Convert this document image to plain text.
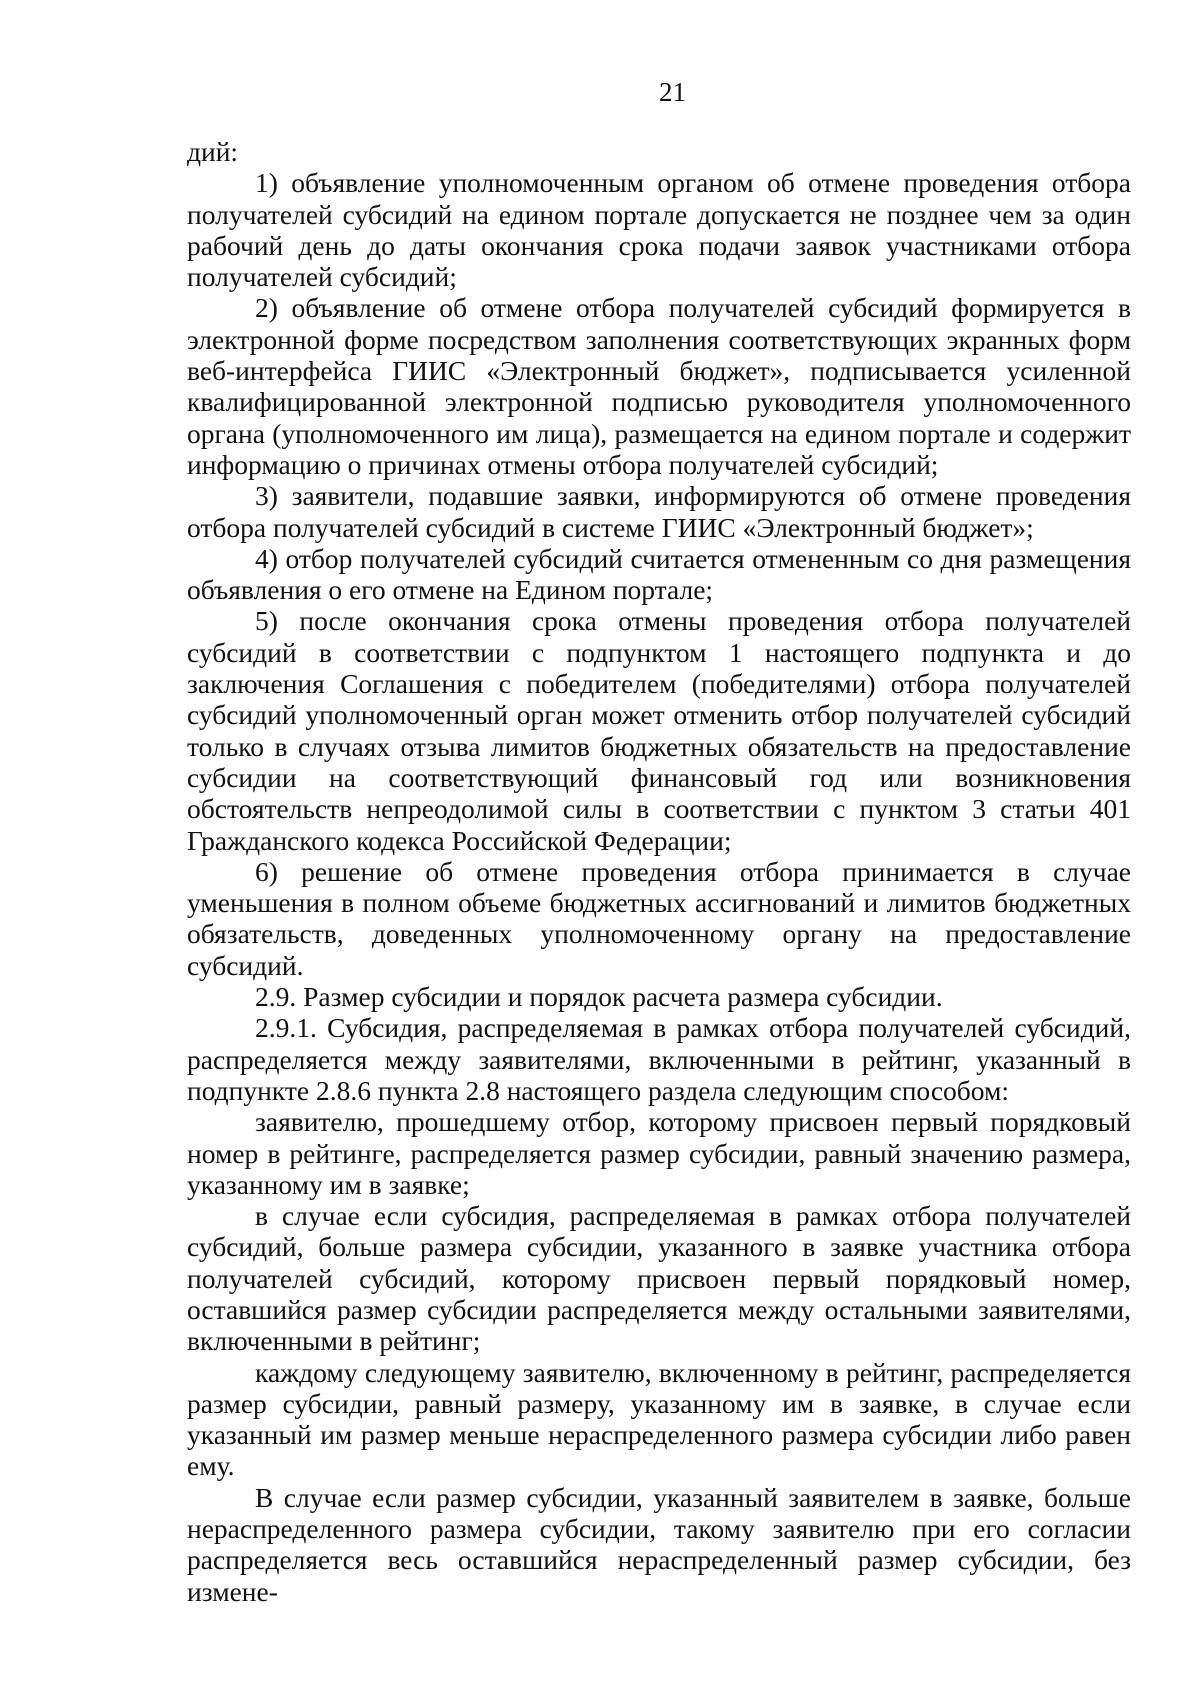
21

дий:

1) объявление уполномоченным органом об отмене проведения отбора получателей субсидий на едином портале допускается не позднее чем за один рабочий день до даты окончания срока подачи заявок участниками отбора получателей субсидий;

2) объявление об отмене отбора получателей субсидий формируется в электронной форме посредством заполнения соответствующих экранных форм веб-интерфейса ГИИС «Электронный бюджет», подписывается усиленной квалифицированной электронной подписью руководителя уполномоченного органа (уполномоченного им лица), размещается на едином портале и содержит информацию о причинах отмены отбора получателей субсидий;

3) заявители, подавшие заявки, информируются об отмене проведения отбора получателей субсидий в системе ГИИС «Электронный бюджет»;

4) отбор получателей субсидий считается отмененным со дня размещения объявления о его отмене на Едином портале;

5) после окончания срока отмены проведения отбора получателей субсидий в соответствии с подпунктом 1 настоящего подпункта и до заключения Соглашения с победителем (победителями) отбора получателей субсидий уполномоченный орган может отменить отбор получателей субсидий только в случаях отзыва лимитов бюджетных обязательств на предоставление субсидии на соответствующий финансовый год или возникновения обстоятельств непреодолимой силы в соответствии с пунктом 3 статьи 401 Гражданского кодекса Российской Федерации;

6) решение об отмене проведения отбора принимается в случае уменьшения в полном объеме бюджетных ассигнований и лимитов бюджетных обязательств, доведенных уполномоченному органу на предоставление субсидий.

2.9. Размер субсидии и порядок расчета размера субсидии.

2.9.1. Субсидия, распределяемая в рамках отбора получателей субсидий, распределяется между заявителями, включенными в рейтинг, указанный в подпункте 2.8.6 пункта 2.8 настоящего раздела следующим способом:

заявителю, прошедшему отбор, которому присвоен первый порядковый номер в рейтинге, распределяется размер субсидии, равный значению размера, указанному им в заявке;

в случае если субсидия, распределяемая в рамках отбора получателей субсидий, больше размера субсидии, указанного в заявке участника отбора получателей субсидий, которому присвоен первый порядковый номер, оставшийся размер субсидии распределяется между остальными заявителями, включенными в рейтинг;

каждому следующему заявителю, включенному в рейтинг, распределяется размер субсидии, равный размеру, указанному им в заявке, в случае если указанный им размер меньше нераспределенного размера субсидии либо равен ему.

В случае если размер субсидии, указанный заявителем в заявке, больше нераспределенного размера субсидии, такому заявителю при его согласии распределяется весь оставшийся нераспределенный размер субсидии, без измене-
